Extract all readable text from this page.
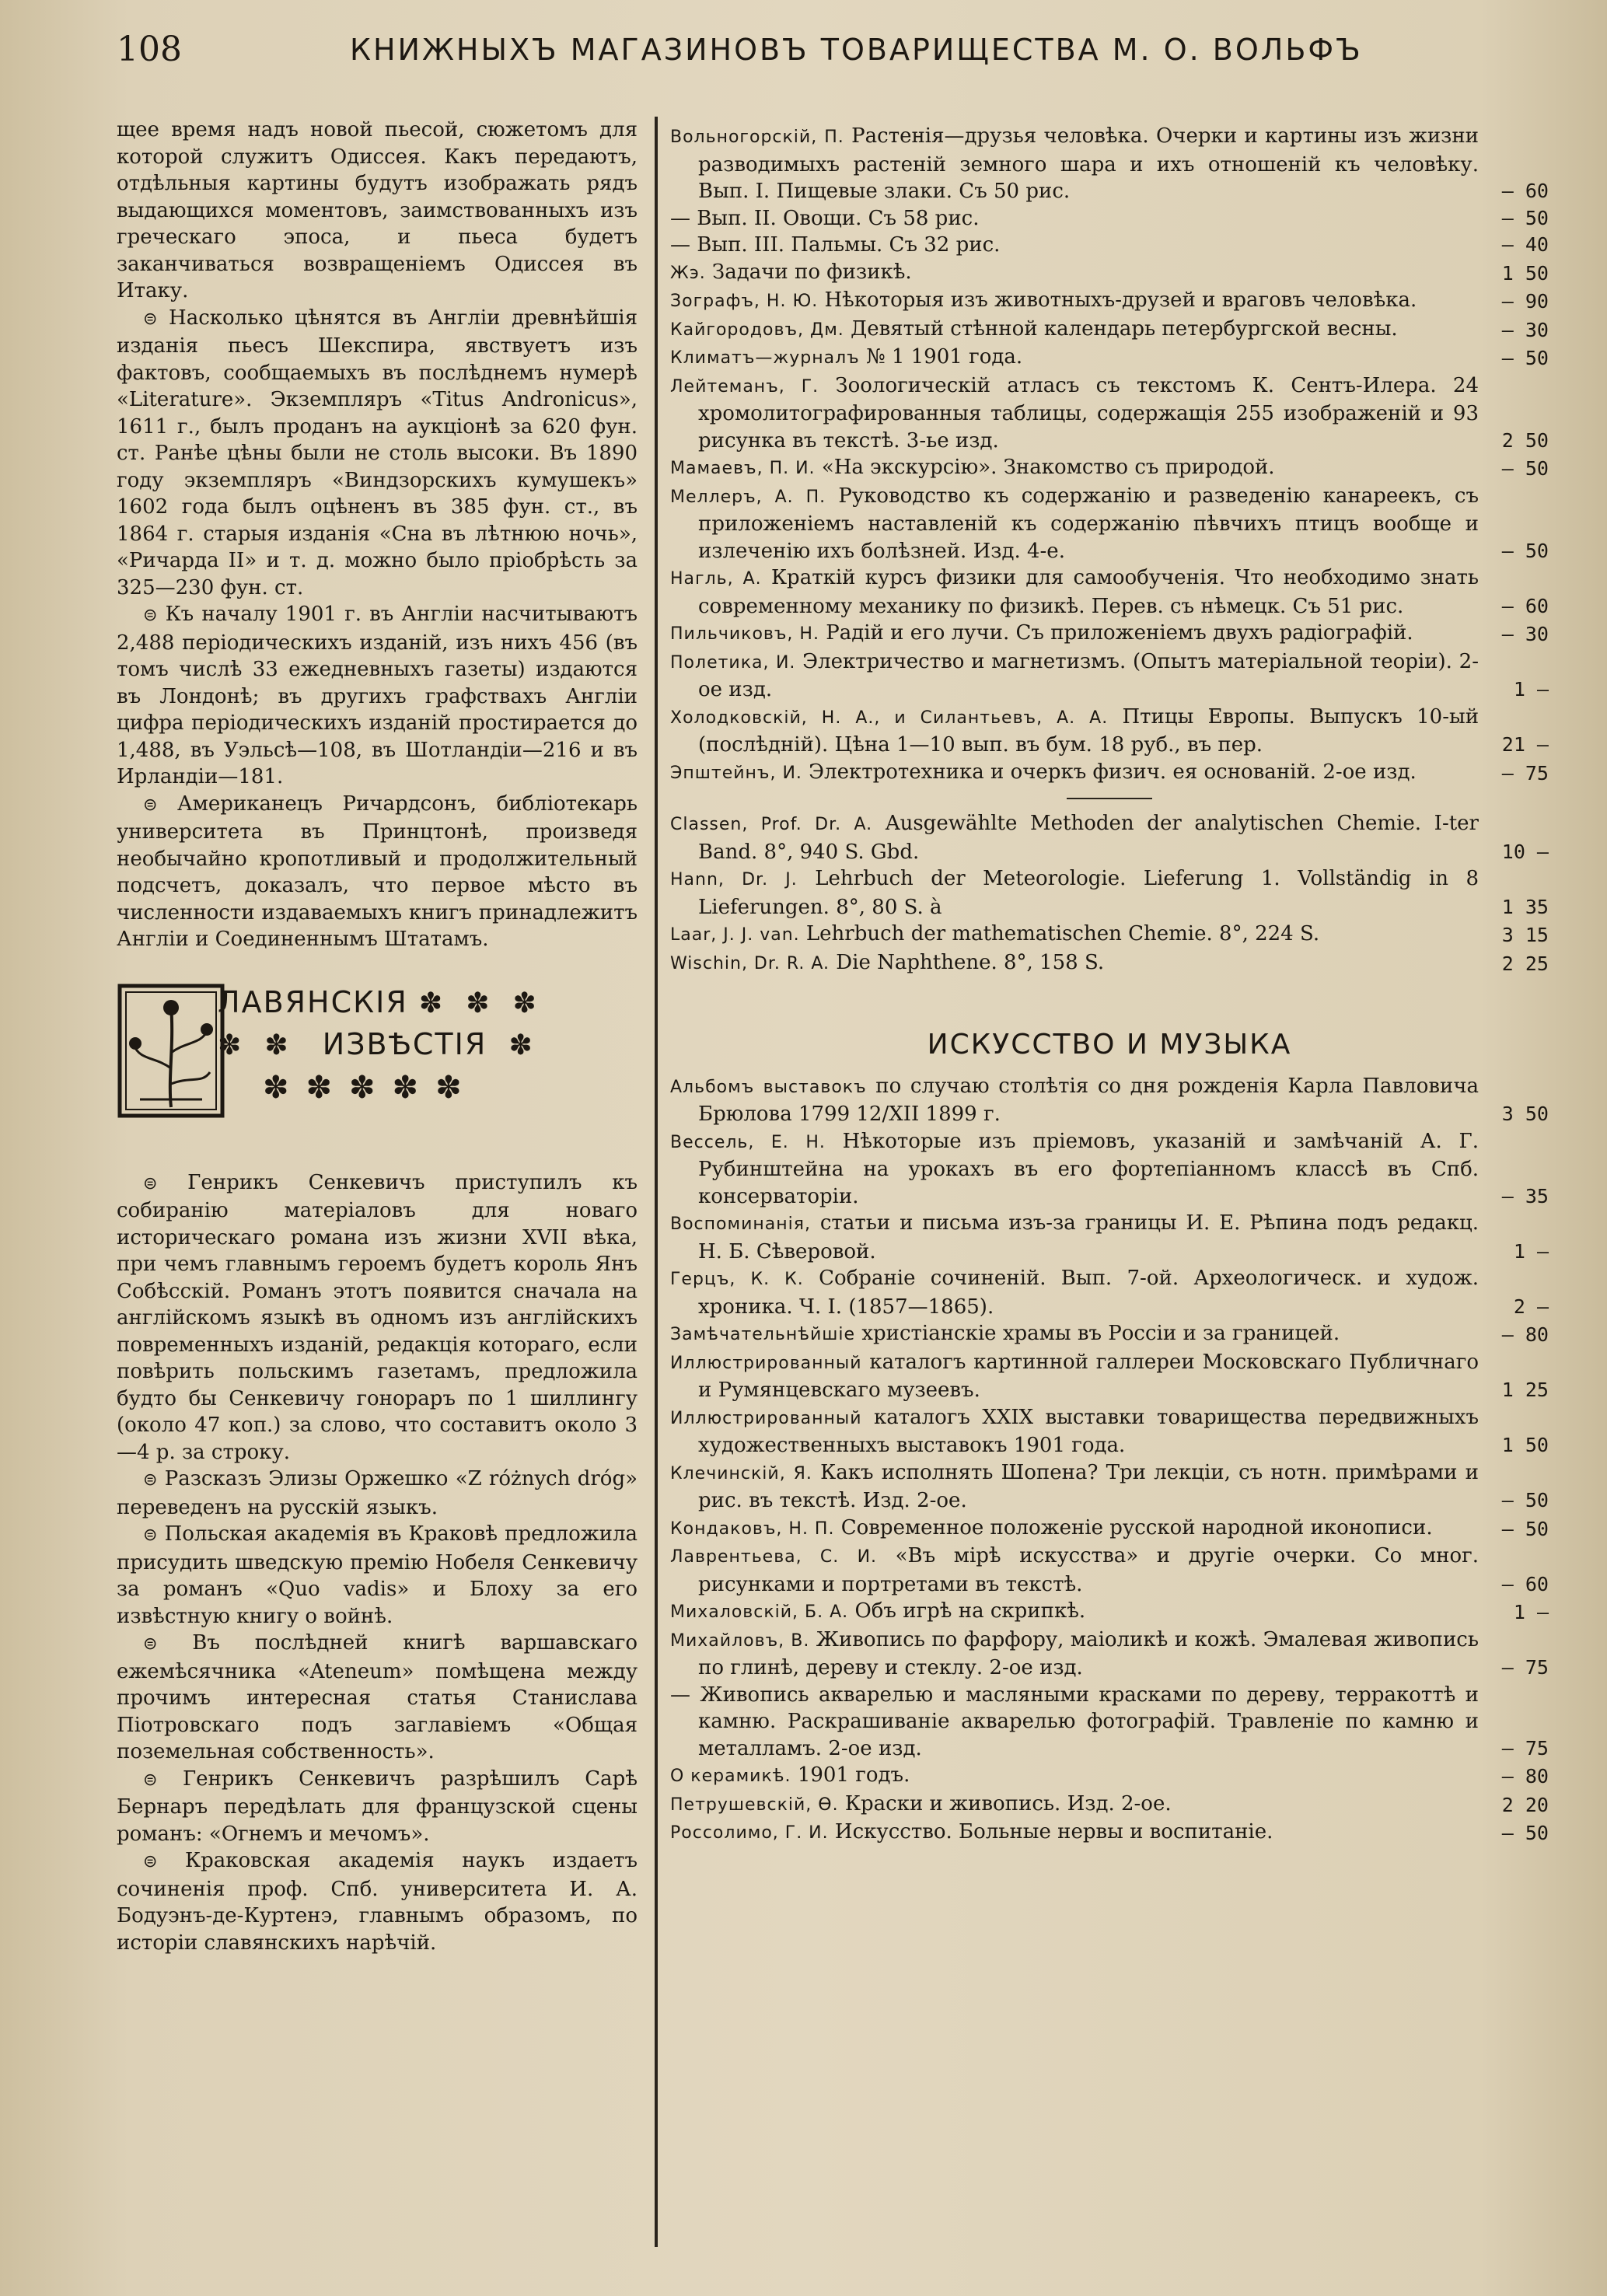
108	КНИЖНЫХЪ МАГАЗИНОВЪ ТОВАРИЩЕСТВА М. О. ВОЛЬФЪ

щее время надъ новой пьесой, сюжетомъ для которой служитъ Одиссея. Какъ передаютъ, отдѣльныя картины будутъ изображать рядъ выдающихся моментовъ, заимствованныхъ изъ греческаго эпоса, и пьеса будетъ заканчиваться возвращеніемъ Одиссея въ Итаку.

⊜ Насколько цѣнятся въ Англіи древнѣйшія изданія пьесъ Шекспира, явствуетъ изъ фактовъ, сообщаемыхъ въ послѣднемъ нумерѣ «Literature». Экземпляръ «Titus Andronicus», 1611 г., былъ проданъ на аукціонѣ за 620 фун. ст. Ранѣе цѣны были не столь высоки. Въ 1890 году экземпляръ «Виндзорскихъ кумушекъ» 1602 года былъ оцѣненъ въ 385 фун. ст., въ 1864 г. старыя изданія «Сна въ лѣтнюю ночь», «Ричарда II» и т. д. можно было пріобрѣсть за 325—230 фун. ст.

⊜ Къ началу 1901 г. въ Англіи насчитываютъ 2,488 періодическихъ изданій, изъ нихъ 456 (въ томъ числѣ 33 ежедневныхъ газеты) издаются въ Лондонѣ; въ другихъ графствахъ Англіи цифра періодическихъ изданій простирается до 1,488, въ Уэльсѣ—108, въ Шотландіи—216 и въ Ирландіи—181.

⊜ Американецъ Ричардсонъ, библіотекарь университета въ Принцтонѣ, произведя необычайно кропотливый и продолжительный подсчетъ, доказалъ, что первое мѣсто въ численности издаваемыхъ книгъ принадлежитъ Англіи и Соединеннымъ Штатамъ.

ЛАВЯНСКІЯ ✽ ✽ ✽
✽ ✽ ИЗВѢСТІЯ ✽
✽✽✽✽✽

⊜ Генрикъ Сенкевичъ приступилъ къ собиранію матеріаловъ для новаго историческаго романа изъ жизни XVII вѣка, при чемъ главнымъ героемъ будетъ король Янъ Собѣсскій. Романъ этотъ появится сначала на англійскомъ языкѣ въ одномъ изъ англійскихъ повременныхъ изданій, редакція котораго, если повѣрить польскимъ газетамъ, предложила будто бы Сенкевичу гонораръ по 1 шиллингу (около 47 коп.) за слово, что составитъ около 3—4 р. за строку.

⊜ Разсказъ Элизы Оржешко «Z różnych dróg» переведенъ на русскій языкъ.

⊜ Польская академія въ Краковѣ предложила присудить шведскую премію Нобеля Сенкевичу за романъ «Quo vadis» и Блоху за его извѣстную книгу о войнѣ.

⊜ Въ послѣдней книгѣ варшавскаго ежемѣсячника «Ateneum» помѣщена между прочимъ интересная статья Станислава Піотровскаго подъ заглавіемъ «Общая поземельная собственность».

⊜ Генрикъ Сенкевичъ разрѣшилъ Сарѣ Бернаръ передѣлать для французской сцены романъ: «Огнемъ и мечомъ».

⊜ Краковская академія наукъ издаетъ сочиненія проф. Спб. университета И. А. Бодуэнъ-де-Куртенэ, главнымъ образомъ, по исторіи славянскихъ нарѣчій.

Вольногорскій, П. Растенія—друзья человѣка. Очерки и картины изъ жизни разводимыхъ растеній земного шара и ихъ отношеній къ человѣку. Вып. I. Пищевые злаки. Съ 50 рис.	— 60
— Вып. II. Овощи. Съ 58 рис.	— 50
— Вып. III. Пальмы. Съ 32 рис.	— 40
Жэ. Задачи по физикѣ.	1 50
Зографъ, Н. Ю. Нѣкоторыя изъ животныхъ-друзей и враговъ человѣка.	— 90
Кайгородовъ, Дм. Девятый стѣнной календарь петербургской весны.	— 30
Климатъ—журналъ № 1 1901 года.	— 50
Лейтеманъ, Г. Зоологическій атласъ съ текстомъ К. Сентъ-Илера. 24 хромолитографированныя таблицы, содержащія 255 изображеній и 93 рисунка въ текстѣ. 3-ье изд.	2 50
Мамаевъ, П. И. «На экскурсію». Знакомство съ природой.	— 50
Меллеръ, А. П. Руководство къ содержанію и разведенію канареекъ, съ приложеніемъ наставленій къ содержанію пѣвчихъ птицъ вообще и излеченію ихъ болѣзней. Изд. 4-е.	— 50
Нагль, А. Краткій курсъ физики для самообученія. Что необходимо знать современному механику по физикѣ. Перев. съ нѣмецк. Съ 51 рис.	— 60
Пильчиковъ, Н. Радій и его лучи. Съ приложеніемъ двухъ радіографій.	— 30
Полетика, И. Электричество и магнетизмъ. (Опытъ матеріальной теоріи). 2-ое изд.	1 —
Холодковскій, Н. А., и Силантьевъ, А. А. Птицы Европы. Выпускъ 10-ый (послѣдній). Цѣна 1—10 вып. въ бум. 18 руб., въ пер.	21 —
Эпштейнъ, И. Электротехника и очеркъ физич. ея основаній. 2-ое изд.	— 75
Classen, Prof. Dr. A. Ausgewählte Methoden der analytischen Chemie. I-ter Band. 8°, 940 S. Gbd.	10 —
Hann, Dr. J. Lehrbuch der Meteorologie. Lieferung 1. Vollständig in 8 Lieferungen. 8°, 80 S. à	1 35
Laar, J. J. van. Lehrbuch der mathematischen Chemie. 8°, 224 S.	3 15
Wischin, Dr. R. A. Die Naphthene. 8°, 158 S.	2 25

ИСКУССТВО И МУЗЫКА

Альбомъ выставокъ по случаю столѣтія со дня рожденія Карла Павловича Брюлова 1799 12/XII 1899 г.	3 50
Вессель, Е. Н. Нѣкоторые изъ пріемовъ, указаній и замѣчаній А. Г. Рубинштейна на урокахъ въ его фортепіанномъ классѣ въ Спб. консерваторіи.	— 35
Воспоминанія, статьи и письма изъ-за границы И. Е. Рѣпина подъ редакц. Н. Б. Сѣверовой.	1 —
Герцъ, К. К. Собраніе сочиненій. Вып. 7-ой. Археологическ. и худож. хроника. Ч. I. (1857—1865).	2 —
Замѣчательнѣйшіе христіанскіе храмы въ Россіи и за границей.	— 80
Иллюстрированный каталогъ картинной галлереи Московскаго Публичнаго и Румянцевскаго музеевъ.	1 25
Иллюстрированный каталогъ XXIX выставки товарищества передвижныхъ художественныхъ выставокъ 1901 года.	1 50
Клечинскій, Я. Какъ исполнять Шопена? Три лекціи, съ нотн. примѣрами и рис. въ текстѣ. Изд. 2-ое.	— 50
Кондаковъ, Н. П. Современное положеніе русской народной иконописи.	— 50
Лаврентьева, С. И. «Въ мірѣ искусства» и другіе очерки. Со мног. рисунками и портретами въ текстѣ.	— 60
Михаловскій, Б. А. Объ игрѣ на скрипкѣ.	1 —
Михайловъ, В. Живопись по фарфору, маіоликѣ и кожѣ. Эмалевая живопись по глинѣ, дереву и стеклу. 2-ое изд.	— 75
— Живопись акварелью и масляными красками по дереву, терракоттѣ и камню. Раскрашиваніе акварелью фотографій. Травленіе по камню и металламъ. 2-ое изд.	— 75
О керамикѣ. 1901 годъ.	— 80
Петрушевскій, Ѳ. Краски и живопись. Изд. 2-ое.	2 20
Россолимо, Г. И. Искусство. Больные нервы и воспитаніе.	— 50
